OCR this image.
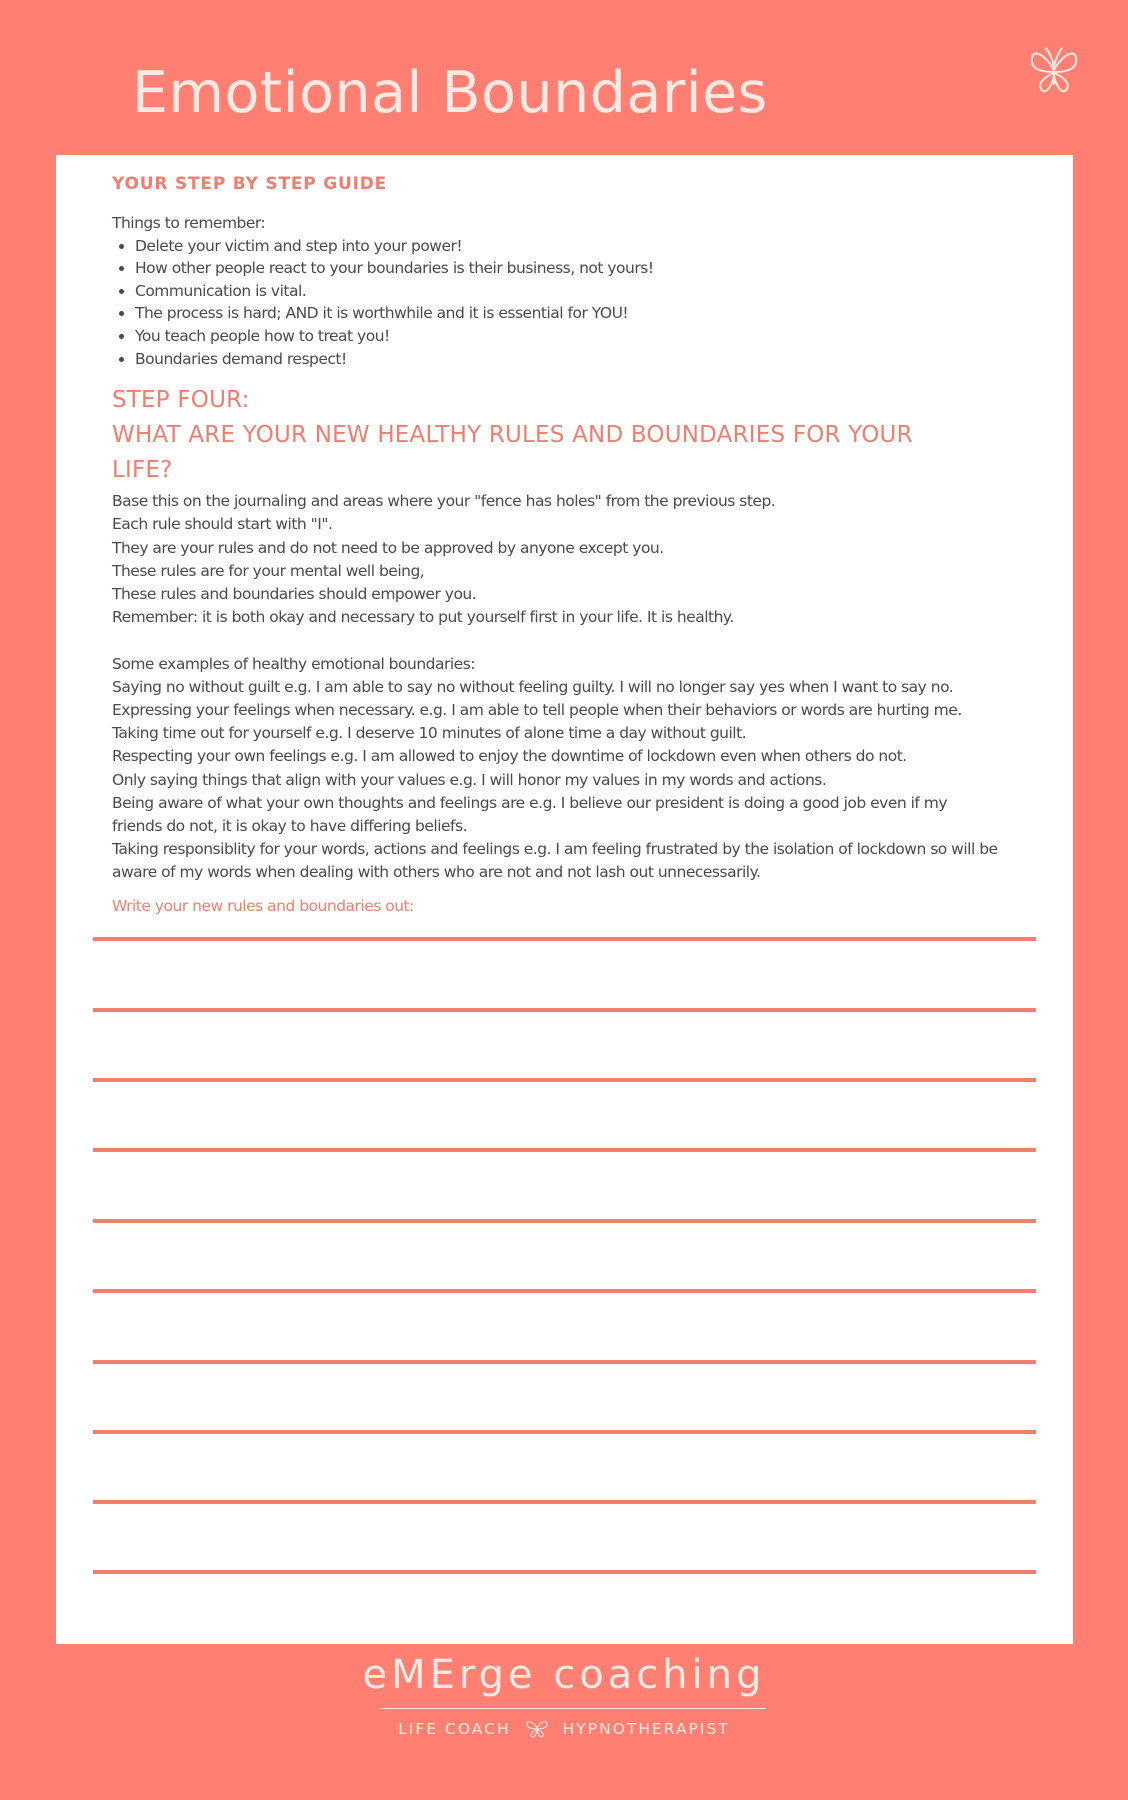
Emotional Boundaries

YOUR STEP BY STEP GUIDE

Things to remember:

• Delete your victim and step into your power!
• How other people react to your boundaries is their business, not yours!
• Communication is vital.
• The process is hard; AND it is worthwhile and it is essential for YOU!
• You teach people how to treat you!
• Boundaries demand respect!
STEP FOUR:
WHAT ARE YOUR NEW HEALTHY RULES AND BOUNDARIES FOR YOUR
LIFE?
Base this on the journaling and areas where your "fence has holes" from the previous step.
Each rule should start with "I".
They are your rules and do not need to be approved by anyone except you.
These rules are for your mental well being,
These rules and boundaries should empower you.
Remember: it is both okay and necessary to put yourself first in your life. It is healthy.
Some examples of healthy emotional boundaries:
Saying no without guilt e.g. I am able to say no without feeling guilty. I will no longer say yes when I want to say no.
Expressing your feelings when necessary. e.g. I am able to tell people when their behaviors or words are hurting me.
Taking time out for yourself e.g. I deserve 10 minutes of alone time a day without guilt.
Respecting your own feelings e.g. I am allowed to enjoy the downtime of lockdown even when others do not.
Only saying things that align with your values e.g. I will honor my values in my words and actions.
Being aware of what your own thoughts and feelings are e.g. I believe our president is doing a good job even if my
friends do not, it is okay to have differing beliefs.
Taking responsiblity for your words, actions and feelings e.g. I am feeling frustrated by the isolation of lockdown so will be
aware of my words when dealing with others who are not and not lash out unnecessarily.

Write your new rules and boundaries out:

eMErge coaching
LIFE COACH	HYPNOTHERAPIST
